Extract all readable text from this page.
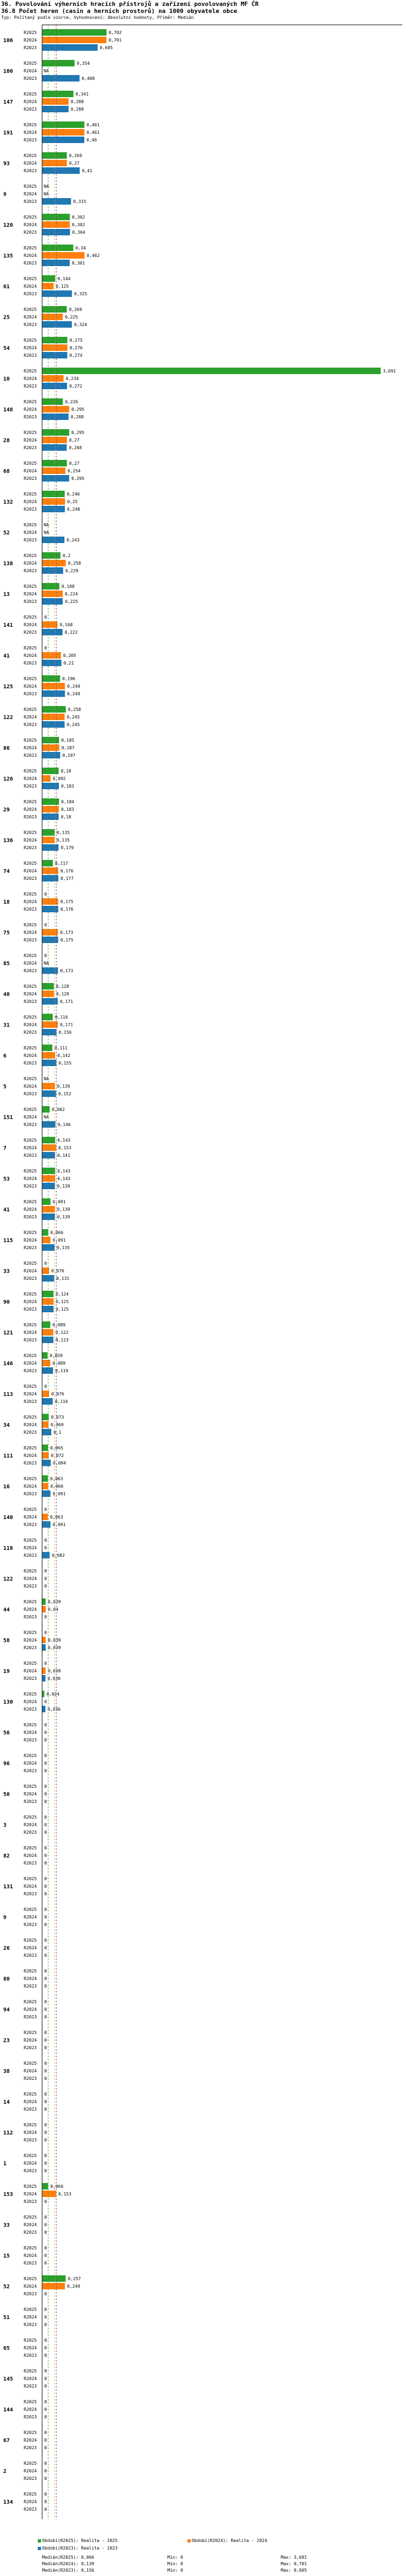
36. Povolování výherních hracích přístrojů a zařízení povolovaných MF ČR
36.8 Počet heren (casin a herních prostorů) na 1000 obyvatele obce
Typ: Počítaný podle vzorce, Vyhodnocení: Absolutní hodnoty, Příměr: Medián
106
R2025	0,702
R2024	0,701
R2023	0,605
100
R2025	0,354
R2024 NA
R2023	0,408
147
R2025	0,341
R2024	0,288
R2023	0,288
191
R2025	0,461
R2024	0,461
R2023	0,46
93
R2025	0,269
R2024	0,27
R2023	0,41
9
R2025 NA
R2024 NA
R2023	0,315
120
R2025	0,302
R2024	0,302
R2023	0,304
135
R2025	0,34
R2024	0,462
R2023	0,301
61
R2025	0,144
R2024	0,125
R2023	0,325
25
R2025	0,269
R2024	0,225
R2023	0,324
54
R2025	0,275
R2024	0,276
R2023	0,274
10
R2025	3,691
R2024	0,234
R2023	0,272
148
R2025	0,226
R2024	0,295
R2023	0,288
28
R2025	0,295
R2024	0,27
R2023	0,268
68
R2025	0,27
R2024	0,254
R2023	0,295
132
R2025	0,246
R2024	0,25
R2023	0,248
52
R2025 NA
R2024 NA
R2023	0,243
138
R2025	0,2
R2024	0,258
R2023	0,229
13
R2025	0,188
R2024	0,224
R2023	0,225
141
R2025 0
R2024	0,168
R2023	0,222
41
R2025 0
R2024	0,205
R2023	0,21
125
R2025	0,196
R2024	0,249
R2023	0,249
122
R2025	0,258
R2024	0,245
R2023	0,245
86
R2025	0,185
R2024	0,187
R2023	0,197
126
R2025	0,18
R2024	0,092
R2023	0,183
29
R2025	0,184
R2024	0,183
R2023	0,18
136
R2025	0,135
R2024	0,135
R2023	0,179
74
R2025	0,117
R2024	0,176
R2023	0,177
18
R2025 0
R2024	0,175
R2023	0,176
75
R2025 0
R2024	0,173
R2023	0,175
85
R2025 0
R2024 NA
R2023	0,173
40
R2025	0,128
R2024	0,129
R2023	0,171
31
R2025	0,116
R2024	0,171
R2023	0,156
6
R2025	0,111
R2024	0,142
R2023	0,155
5
R2025 NA
R2024	0,139
R2023	0,152
151
R2025	0,082
R2024 NA
R2023	0,146
7
R2025	0,143
R2024	0,153
R2023	0,141
53
R2025	0,143
R2024	0,143
R2023	0,139
41
R2025	0,091
R2024	0,139
R2023	0,139
115
R2025	0,066
R2024	0,091
R2023	0,135
33
R2025 0
R2024	0,076
R2023	0,131
90
R2025	0,124
R2024	0,125
R2023	0,125
121
R2025	0,089
R2024	0,122
R2023	0,123
146
R2025	0,059
R2024	0,089
R2023	0,119
113
R2025 0
R2024	0,076
R2023	0,116
34
R2025	0,073
R2024	0,069
R2023	0,1
111
R2025	0,065
R2024	0,072
R2023	0,094
16
R2025	0,063
R2024	0,066
R2023	0,091
140
R2025 0
R2024	0,063
R2023	0,091
118
R2025 0
R2024 0
R2023	0,082
122
R2025 0
R2024 0
R2023 0
44
R2025	0,039
R2024	0,04
R2023 0
58
R2025 0
R2024	0,039
R2023	0,039
19
R2025 0
R2024	0,038
R2023	0,036
130
R2025 0,024
R2024 0
R2023	0,036
56
R2025 0
R2024 0
R2023 0
96
R2025 0
R2024 0
R2023 0
50
R2025 0
R2024 0
R2023 0
3
R2025 0
R2024 0
R2023 0
82
R2025 0
R2024 0
R2023 0
131
R2025 0
R2024 0
R2023 0
9
R2025 0
R2024 0
R2023 0
26
R2025 0
R2024 0
R2023 0
80
R2025 0
R2024 0
R2023 0
94
R2025 0
R2024 0
R2023 0
23
R2025 0
R2024 0
R2023 0
38
R2025 0
R2024 0
R2023 0
14
R2025 0
R2024 0
R2023 0
112
R2025 0
R2024 0
R2023 0
1
R2025 0
R2024 0
R2023 0
153
R2025	0,066
R2024	0,153
R2023 0
33
R2025 0
R2024 0
R2023 0
15
R2025 0
R2024 0
R2023 0
52
R2025	0,257
R2024	0,249
R2023 0
51
R2025 0
R2024 0
R2023 0
65
R2025 0
R2024 0
R2023 0
145
R2025 0
R2024 0
R2023 0
144
R2025 0
R2024 0
R2023 0
67
R2025 0
R2024 0
R2023 0
2
R2025 0
R2024 0
R2023 0
134
R2025 0
R2024 0
R2023 0
Obdobi(R2025): Realita - 2025	Obdobi(R2024): Realita - 2024
Obdobi(R2023): Realita - 2023
Medián(R2025): 0,066	Min: 0	Max: 3,691
Medián(R2024): 0,139	Min: 0	Max: 0,701
Medián(R2023): 0,156	Min: 0	Max: 0,605
